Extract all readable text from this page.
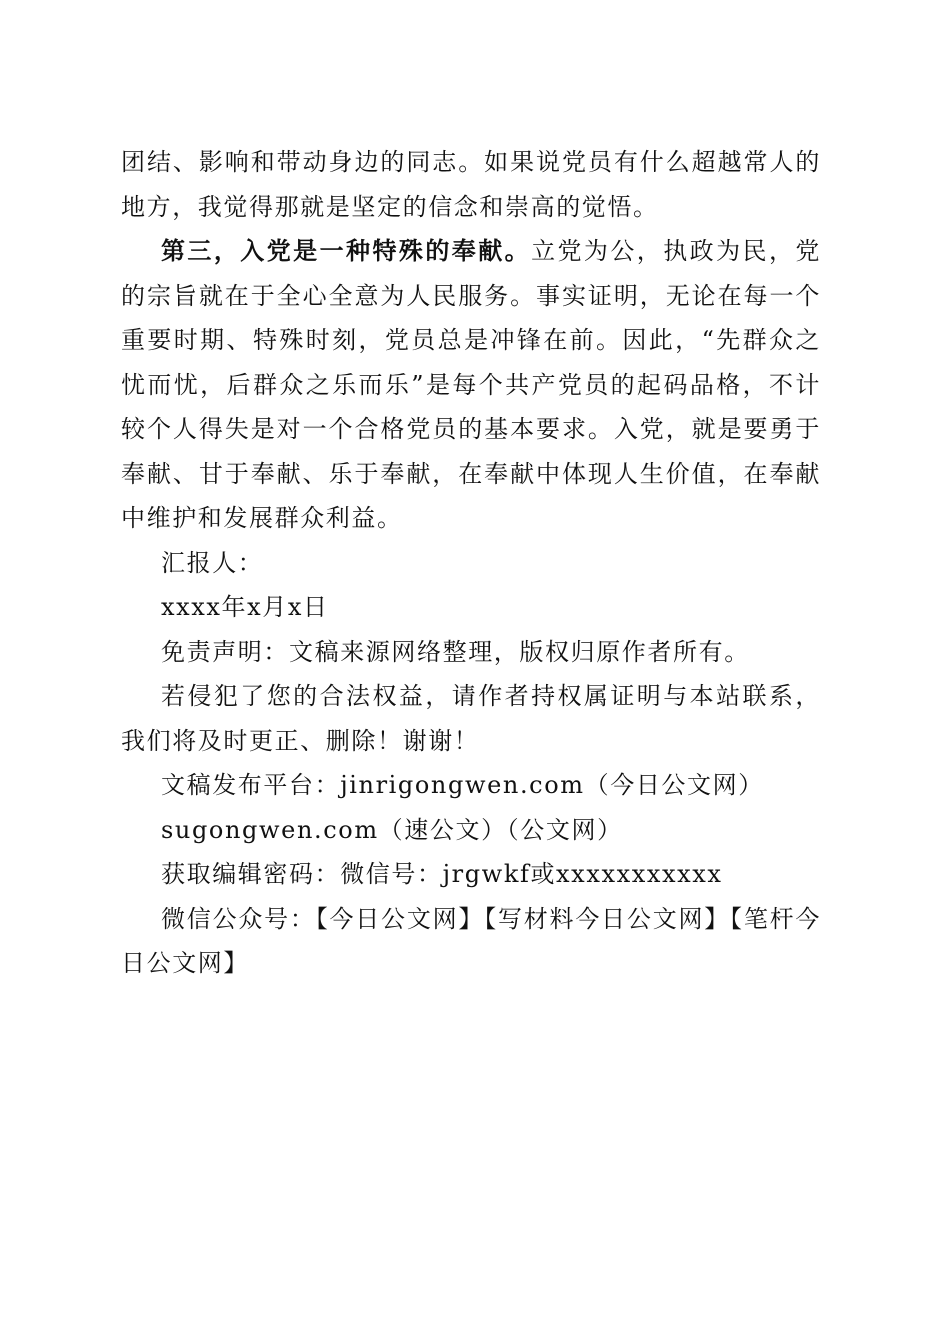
团结、影响和带动身边的同志。如果说党员有什么超越常人的地方，我觉得那就是坚定的信念和崇高的觉悟。

第三，入党是一种特殊的奉献。立党为公，执政为民，党的宗旨就在于全心全意为人民服务。事实证明，无论在每一个重要时期、特殊时刻，党员总是冲锋在前。因此，“先群众之忧而忧，后群众之乐而乐”是每个共产党员的起码品格，不计较个人得失是对一个合格党员的基本要求。入党，就是要勇于奉献、甘于奉献、乐于奉献，在奉献中体现人生价值，在奉献中维护和发展群众利益。

汇报人：

xxxx年x月x日

免责声明：文稿来源网络整理，版权归原作者所有。

若侵犯了您的合法权益，请作者持权属证明与本站联系，我们将及时更正、删除！谢谢！

文稿发布平台：jinrigongwen.com（今日公文网）

sugongwen.com（速公文）（公文网）

获取编辑密码：微信号：jrgwkf或xxxxxxxxxxx

微信公众号：【今日公文网】【写材料今日公文网】【笔杆今日公文网】
